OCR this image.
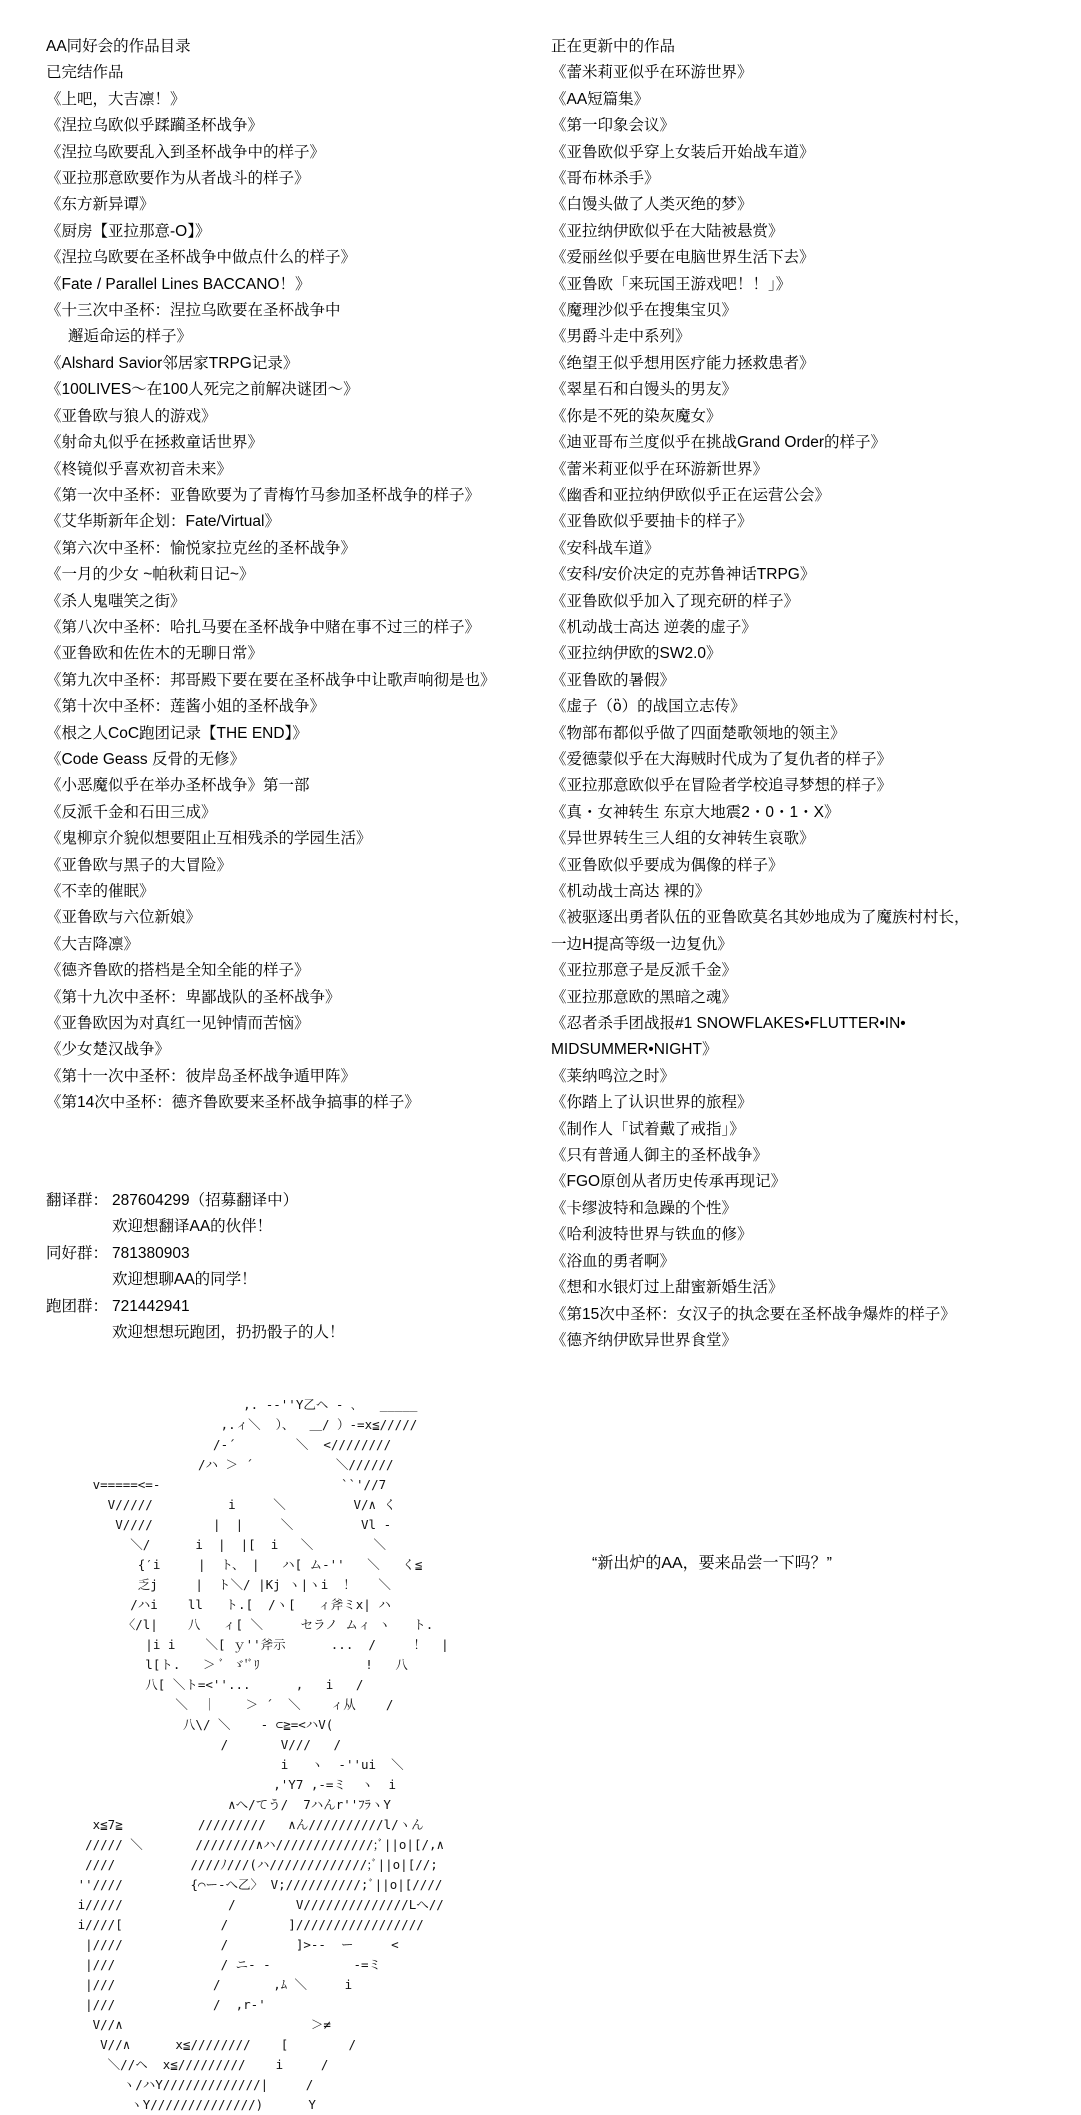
AA同好会的作品目录
已完结作品
《上吧，大吉凛！》
《涅拉乌欧似乎蹂躏圣杯战争》
《涅拉乌欧要乱入到圣杯战争中的样子》
《亚拉那意欧要作为从者战斗的样子》
《东方新异谭》
《厨房【亚拉那意-O】》
《涅拉乌欧要在圣杯战争中做点什么的样子》
《Fate / Parallel Lines BACCANO！》
《十三次中圣杯：涅拉乌欧要在圣杯战争中
邂逅命运的样子》
《Alshard Savior邻居家TRPG记录》
《100LIVES～在100人死完之前解决谜团～》
《亚鲁欧与狼人的游戏》
《射命丸似乎在拯救童话世界》
《柊镜似乎喜欢初音未来》
《第一次中圣杯：亚鲁欧要为了青梅竹马参加圣杯战争的样子》
《艾华斯新年企划：Fate/Virtual》
《第六次中圣杯：愉悦家拉克丝的圣杯战争》
《一月的少女 ~帕秋莉日记~》
《杀人鬼嗤笑之街》
《第八次中圣杯：哈扎马要在圣杯战争中赌在事不过三的样子》
《亚鲁欧和佐佐木的无聊日常》
《第九次中圣杯：邦哥殿下要在要在圣杯战争中让歌声响彻是也》
《第十次中圣杯：莲酱小姐的圣杯战争》
《根之人CoC跑团记录【THE END】》
《Code Geass 反骨的无修》
《小恶魔似乎在举办圣杯战争》第一部
《反派千金和石田三成》
《鬼柳京介貌似想要阻止互相残杀的学园生活》
《亚鲁欧与黑子的大冒险》
《不幸的催眠》
《亚鲁欧与六位新娘》
《大吉降凛》
《德齐鲁欧的搭档是全知全能的样子》
《第十九次中圣杯：卑鄙战队的圣杯战争》
《亚鲁欧因为对真红一见钟情而苦恼》
《少女楚汉战争》
《第十一次中圣杯：彼岸岛圣杯战争遁甲阵》
《第14次中圣杯：德齐鲁欧要来圣杯战争搞事的样子》
正在更新中的作品
《蕾米莉亚似乎在环游世界》
《AA短篇集》
《第一印象会议》
《亚鲁欧似乎穿上女装后开始战车道》
《哥布林杀手》
《白馒头做了人类灭绝的梦》
《亚拉纳伊欧似乎在大陆被悬赏》
《爱丽丝似乎要在电脑世界生活下去》
《亚鲁欧「来玩国王游戏吧！！」》
《魔理沙似乎在搜集宝贝》
《男爵斗走中系列》
《绝望王似乎想用医疗能力拯救患者》
《翠星石和白馒头的男友》
《你是不死的染灰魔女》
《迪亚哥布兰度似乎在挑战Grand Order的样子》
《蕾米莉亚似乎在环游新世界》
《幽香和亚拉纳伊欧似乎正在运营公会》
《亚鲁欧似乎要抽卡的样子》
《安科战车道》
《安科/安价决定的克苏鲁神话TRPG》
《亚鲁欧似乎加入了现充研的样子》
《机动战士高达 逆袭的虚子》
《亚拉纳伊欧的SW2.0》
《亚鲁欧的暑假》
《虚子（ὃ）的战国立志传》
《物部布都似乎做了四面楚歌领地的领主》
《爱德蒙似乎在大海贼时代成为了复仇者的样子》
《亚拉那意欧似乎在冒险者学校追寻梦想的样子》
《真・女神转生 东京大地震2・0・1・X》
《异世界转生三人组的女神转生哀歌》
《亚鲁欧似乎要成为偶像的样子》
《机动战士高达 裸的》
《被驱逐出勇者队伍的亚鲁欧莫名其妙地成为了魔族村村长，
一边H提高等级一边复仇》
《亚拉那意子是反派千金》
《亚拉那意欧的黑暗之魂》
《忍者杀手团战报#1 SNOWFLAKES•FLUTTER•IN•
MIDSUMMER•NIGHT》
《莱纳鸣泣之时》
《你踏上了认识世界的旅程》
《制作人「试着戴了戒指」》
《只有普通人御主的圣杯战争》
《FGO原创从者历史传承再现记》
《卡缪波特和急躁的个性》
《哈利波特世界与铁血的修》
《浴血的勇者啊》
《想和水银灯过上甜蜜新婚生活》
《第15次中圣杯：女汉子的执念要在圣杯战争爆炸的样子》
《德齐纳伊欧异世界食堂》
翻译群： 287604299（招募翻译中）
欢迎想翻译AA的伙伴！
同好群： 781380903
欢迎想聊AA的同学！
跑团群： 721442941
欢迎想想玩跑团，扔扔骰子的人！
,. -‐''Y乙ヘ - ､   _____
,.ィ＼  ）、  ＿/ ）-=x≦/////
/‐´        ＼  <////////
/ハ ＞ ´           ＼//////
v=====<=-                        ``'//7
V/////          i     ＼         V/∧ く
V////        |  |     ＼         Vl ‐
＼/      i  |  |[  i   ＼        ＼
{′i     |  ト、 |   ハ[ ム-''   ＼   く≦
乏j     |  ト＼/ |Kj ヽ|ヽi  ！   ＼
/ハi    ll   ト.[  /ヽ[   ィ斧ミx| ハ
〈/l|    八   ィ[ ＼     セラノ ムィ ヽ   ト.
|i i    ＼[ ｙ''斧示      ...  /     ！  |
l[ト.   ＞ ﾞ ゞ'ﾞﾘ              !   八
八[ ＼ト=<''...      ,   i   /
＼  ｜    ＞ ´  ＼    ィ从    /
八\/ ＼    - ⊂≧=<ハV(
/       V///   /
i   ヽ  -''ui  ＼
,'Y7 ,-=ミ  ヽ  i
∧へ/てう/  7ハんr''ﾌﾗヽY
x≦7≧          /////////   ∧ん//////////l/ヽん
///// ＼       ////////∧ハ/////////////;ﾞ||o|[/,∧
////          ////ﾉ///(ハ/////////////;ﾞ||o|[//;
''////         {⌒ー-へ乙〉 V;//////////;ﾞ||o|[////
i/////              /        V//////////////Lへ//
i////[             /        ]/////////////////
|////             /         ]>--  ー     <
|///              / ニ- -           ‐=ミ
|///             /       ,ﾑ ＼     i
|///             /  ,r‐'
V//∧                         ＞≠
V//∧      x≦////////    [        /
＼//ヘ  x≦/////////    i     /
ヽ/ハY/////////////|     /
ヽY//////////////)      Y
“新出炉的AA，要来品尝一下吗？”
